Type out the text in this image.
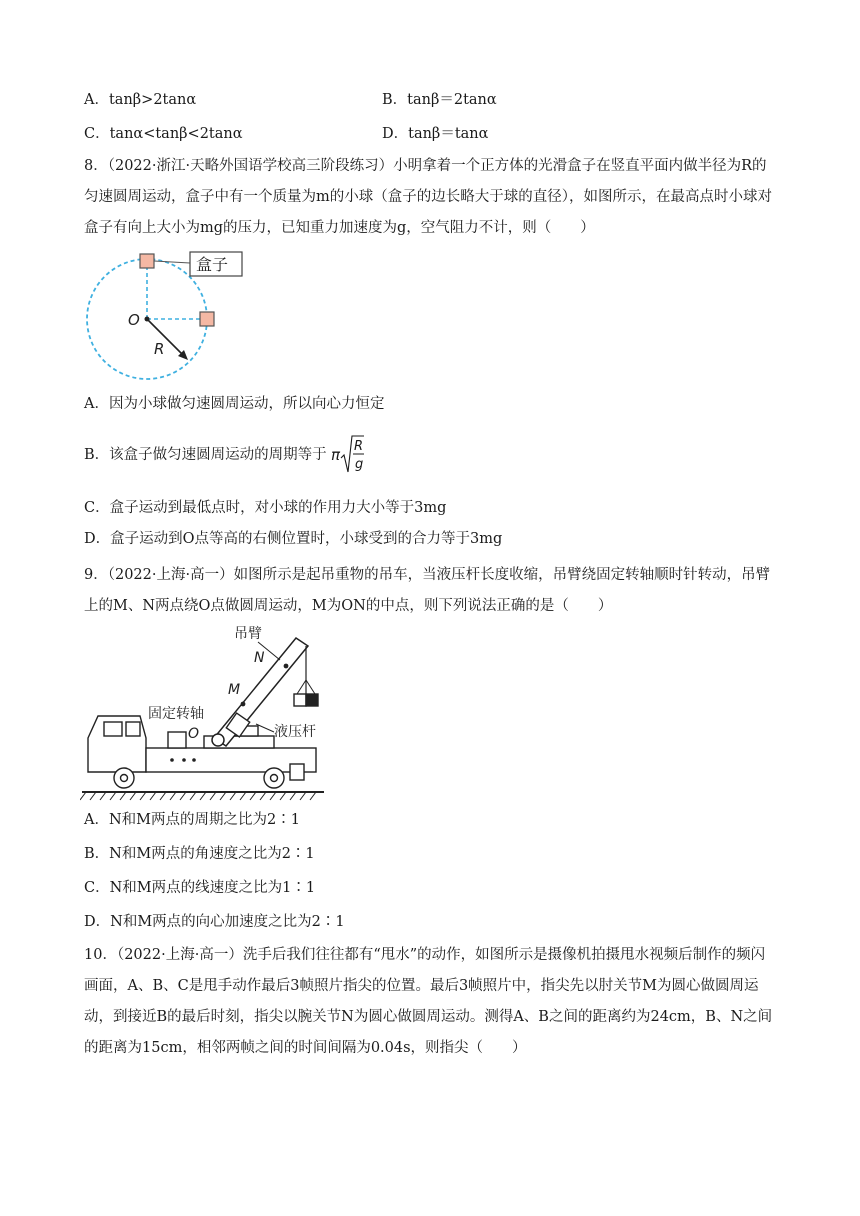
A．tanβ>2tanα	B．tanβ＝2tanα
C．tanα<tanβ<2tanα	D．tanβ＝tanα
8．（2022·浙江·天略外国语学校高三阶段练习）小明拿着一个正方体的光滑盒子在竖直平面内做半径为R的匀速圆周运动，盒子中有一个质量为m的小球（盒子的边长略大于球的直径），如图所示，在最高点时小球对盒子有向上大小为mg的压力，已知重力加速度为g，空气阻力不计，则（　　）
盒子
O
R
A．因为小球做匀速圆周运动，所以向心力恒定
B．该盒子做匀速圆周运动的周期等于 π R
g
C．盒子运动到最低点时，对小球的作用力大小等于3mg
D．盒子运动到O点等高的右侧位置时，小球受到的合力等于3mg
9．（2022·上海·高一）如图所示是起吊重物的吊车，当液压杆长度收缩，吊臂绕固定转轴顺时针转动，吊臂上的M、N两点绕O点做圆周运动，M为ON的中点，则下列说法正确的是（　　）
吊臂
N
M
固定转轴
O	液压杆
A．N和M两点的周期之比为2∶1
B．N和M两点的角速度之比为2∶1
C．N和M两点的线速度之比为1∶1
D．N和M两点的向心加速度之比为2∶1
10．（2022·上海·高一）洗手后我们往往都有“甩水”的动作，如图所示是摄像机拍摄甩水视频后制作的频闪画面，A、B、C是甩手动作最后3帧照片指尖的位置。最后3帧照片中，指尖先以肘关节M为圆心做圆周运动，到接近B的最后时刻，指尖以腕关节N为圆心做圆周运动。测得A、B之间的距离约为24cm，B、N之间的距离为15cm，相邻两帧之间的时间间隔为0.04s，则指尖（　　）
